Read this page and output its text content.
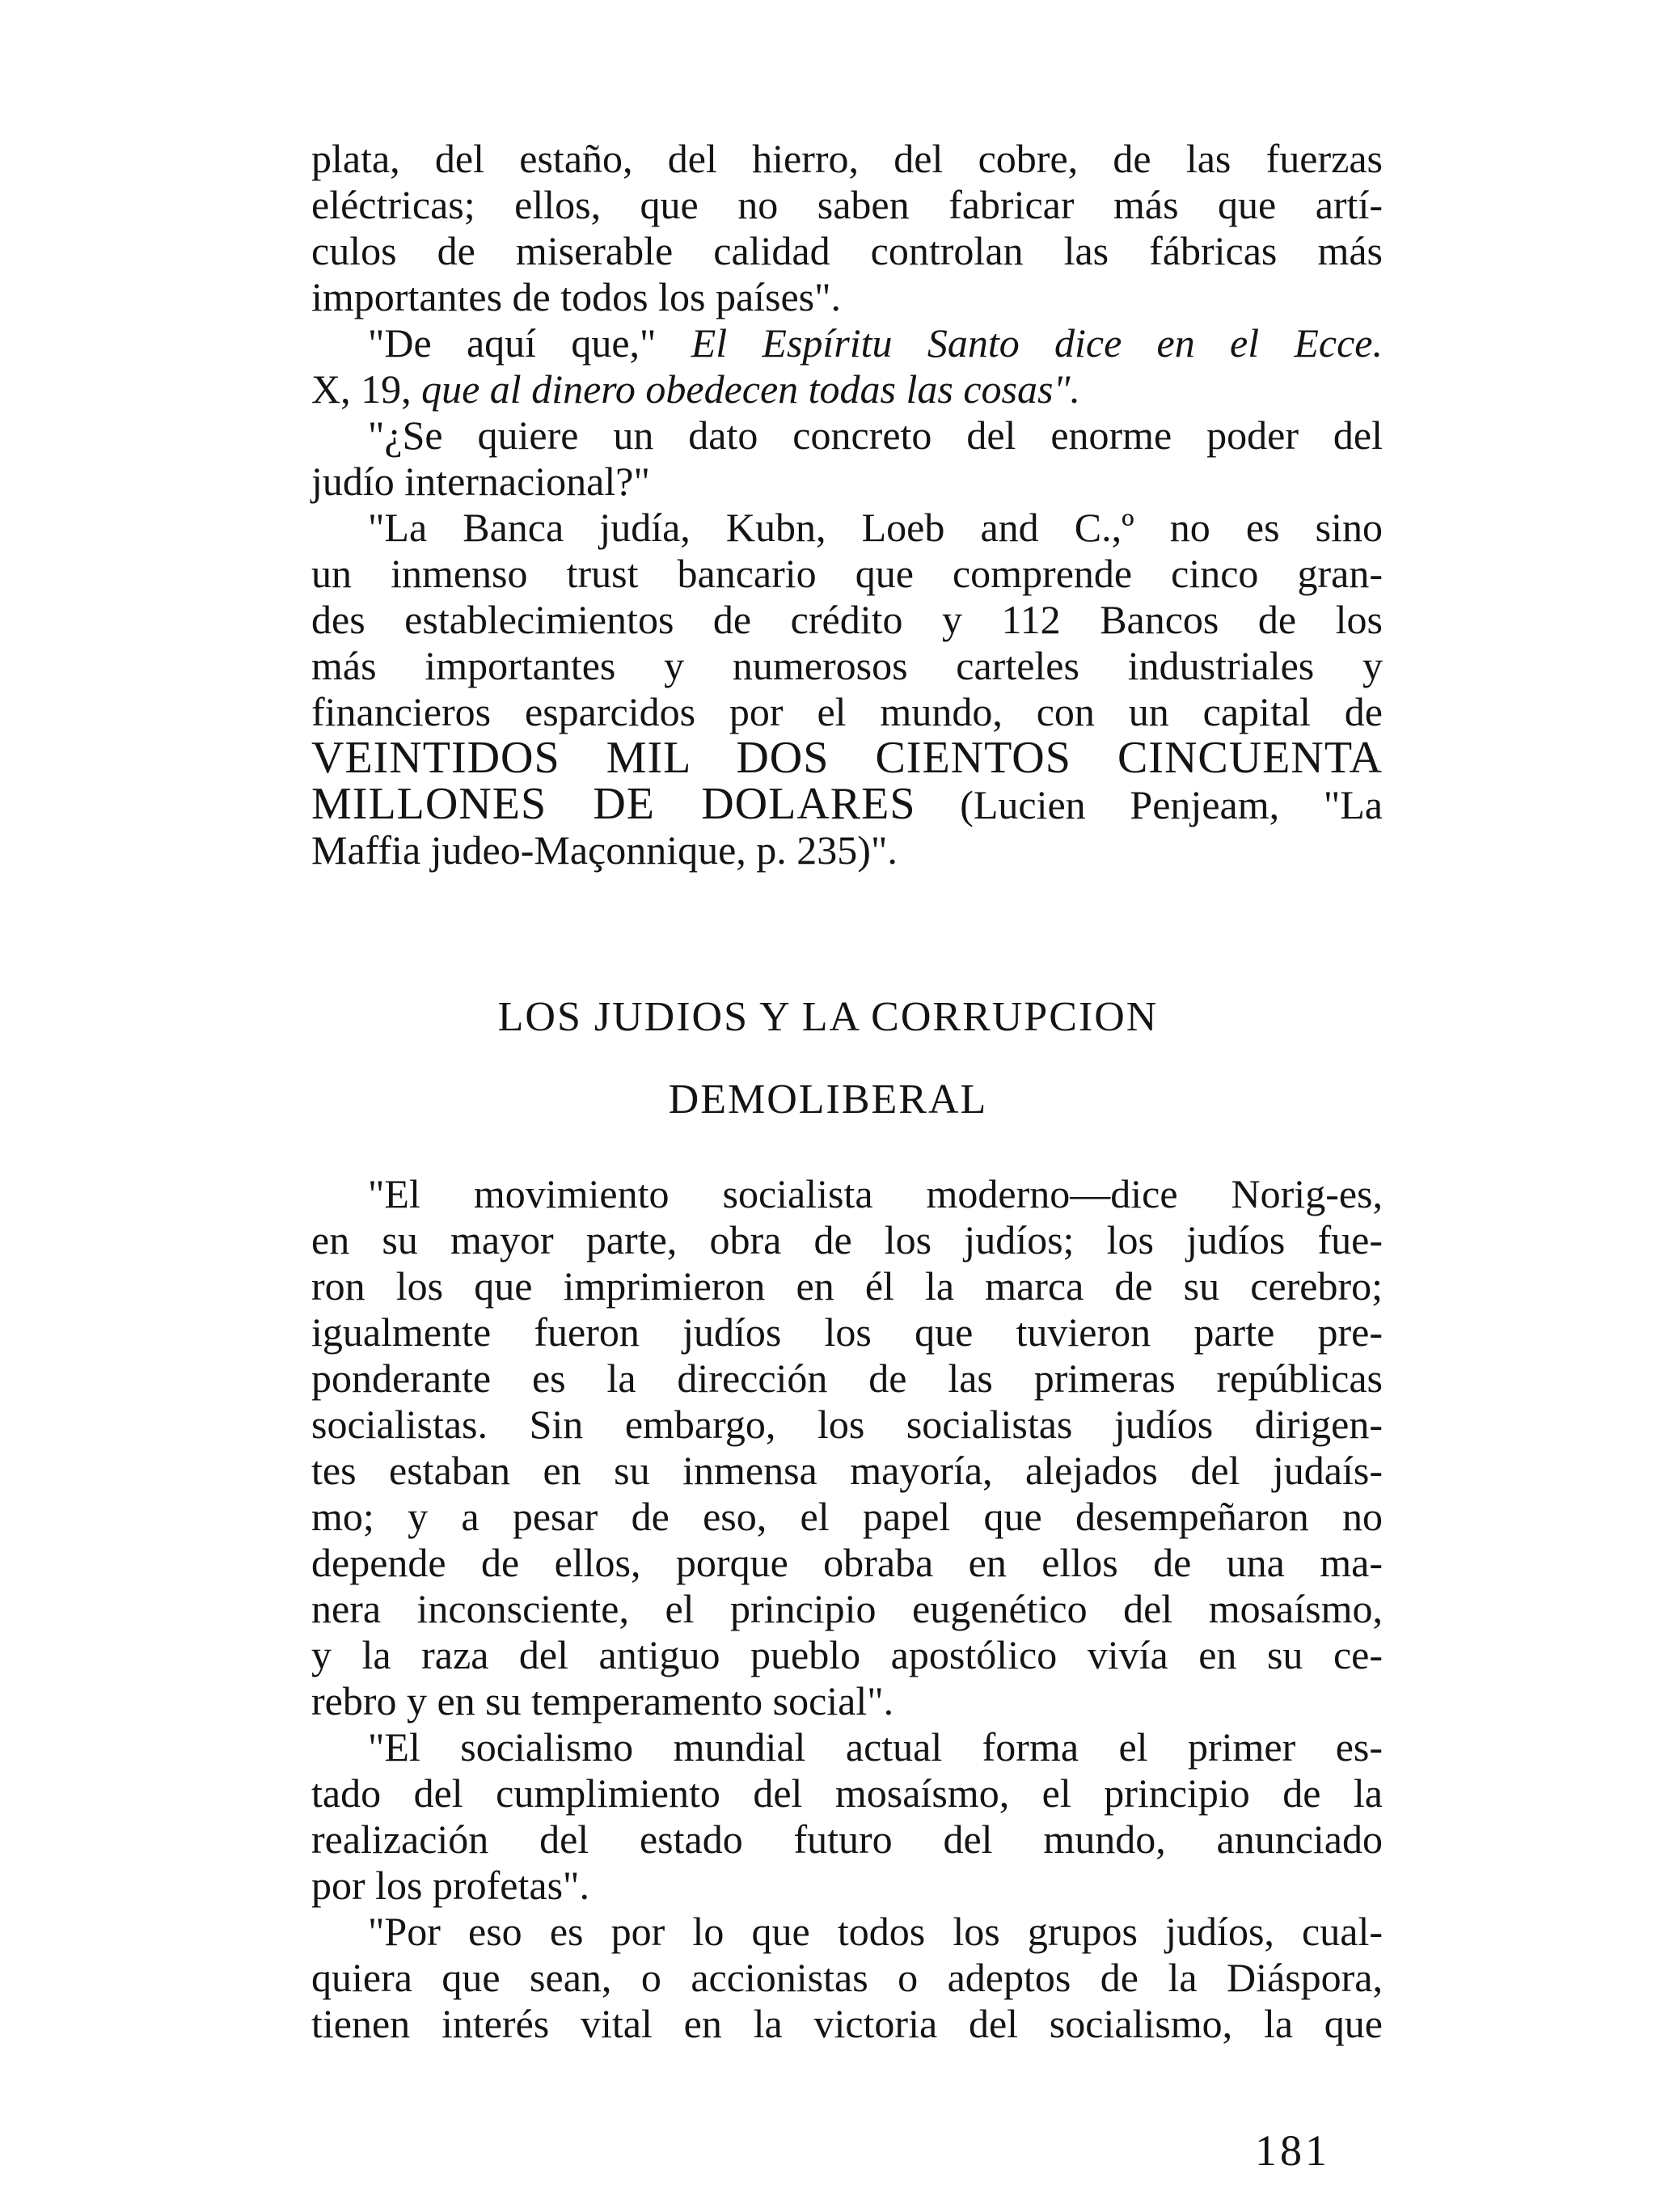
plata, del estaño, del hierro, del cobre, de las fuerzas
eléctricas; ellos, que no saben fabricar más que artí-
culos de miserable calidad controlan las fábricas más
importantes de todos los países".
"De aquí que," El Espíritu Santo dice en el Ecce.
X, 19, que al dinero obedecen todas las cosas".
"¿Se quiere un dato concreto del enorme poder del
judío internacional?"
"La Banca judía, Kubn, Loeb and C.,º no es sino
un inmenso trust bancario que comprende cinco gran-
des establecimientos de crédito y 112 Bancos de los
más importantes y numerosos carteles industriales y
financieros esparcidos por el mundo, con un capital de
VEINTIDOS MIL DOS CIENTOS CINCUENTA
MILLONES DE DOLARES (Lucien Penjeam, "La
Maffia judeo-Maçonnique, p. 235)".
LOS JUDIOS Y LA CORRUPCION
DEMOLIBERAL
"El movimiento socialista moderno—dice Norig-es,
en su mayor parte, obra de los judíos; los judíos fue-
ron los que imprimieron en él la marca de su cerebro;
igualmente fueron judíos los que tuvieron parte pre-
ponderante es la dirección de las primeras repúblicas
socialistas. Sin embargo, los socialistas judíos dirigen-
tes estaban en su inmensa mayoría, alejados del judaís-
mo; y a pesar de eso, el papel que desempeñaron no
depende de ellos, porque obraba en ellos de una ma-
nera inconsciente, el principio eugenético del mosaísmo,
y la raza del antiguo pueblo apostólico vivía en su ce-
rebro y en su temperamento social".
"El socialismo mundial actual forma el primer es-
tado del cumplimiento del mosaísmo, el principio de la
realización del estado futuro del mundo, anunciado
por los profetas".
"Por eso es por lo que todos los grupos judíos, cual-
quiera que sean, o accionistas o adeptos de la Diáspora,
tienen interés vital en la victoria del socialismo, la que
181
